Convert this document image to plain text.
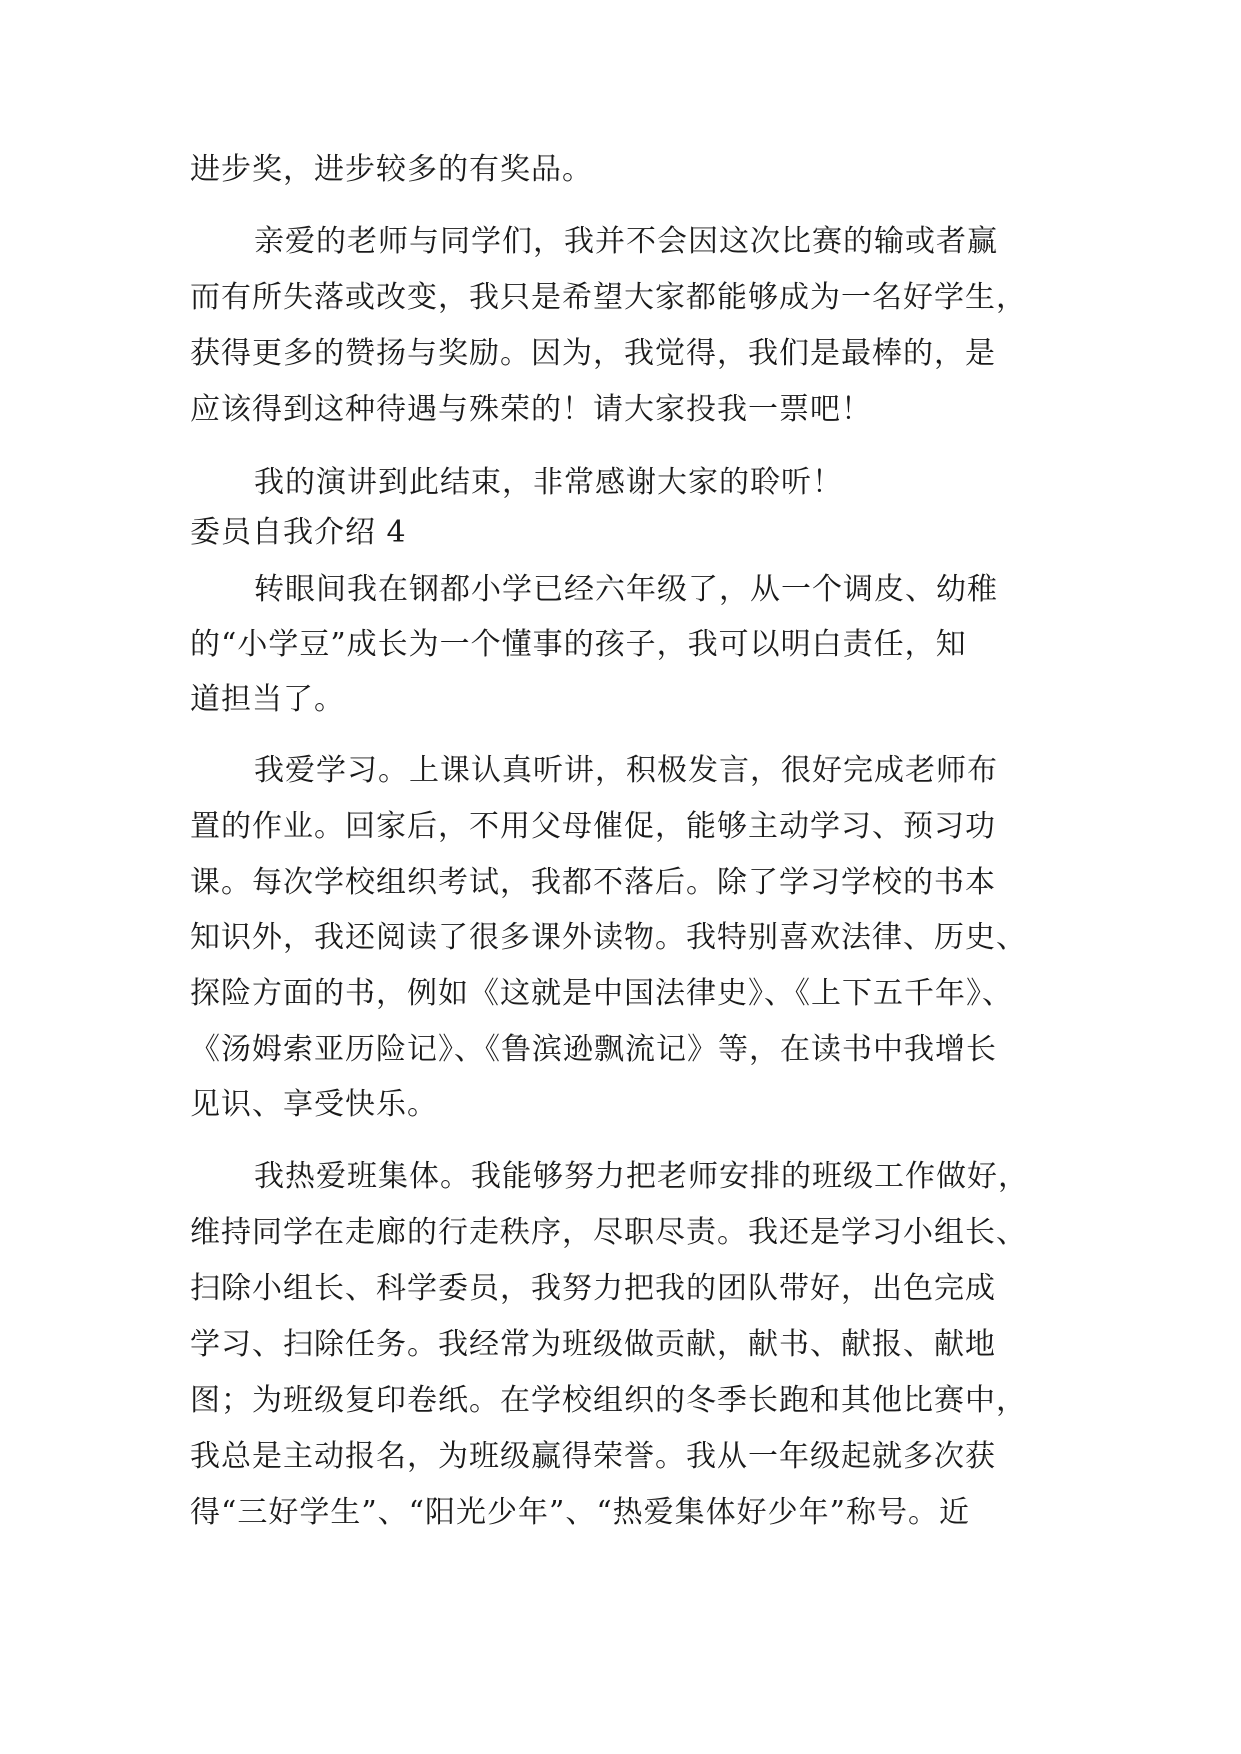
进步奖，进步较多的有奖品。
亲爱的老师与同学们，我并不会因这次比赛的输或者赢
而有所失落或改变，我只是希望大家都能够成为一名好学生，
获得更多的赞扬与奖励。因为，我觉得，我们是最棒的，是
应该得到这种待遇与殊荣的！请大家投我一票吧！
我的演讲到此结束，非常感谢大家的聆听！
委员自我介绍 4
转眼间我在钢都小学已经六年级了，从一个调皮、幼稚
的“小学豆”成长为一个懂事的孩子，我可以明白责任，知
道担当了。
我爱学习。上课认真听讲，积极发言，很好完成老师布
置的作业。回家后，不用父母催促，能够主动学习、预习功
课。每次学校组织考试，我都不落后。除了学习学校的书本
知识外，我还阅读了很多课外读物。我特别喜欢法律、历史、
探险方面的书，例如《这就是中国法律史》、《上下五千年》、
《汤姆索亚历险记》、《鲁滨逊飘流记》等，在读书中我增长
见识、享受快乐。
我热爱班集体。我能够努力把老师安排的班级工作做好，
维持同学在走廊的行走秩序，尽职尽责。我还是学习小组长、
扫除小组长、科学委员，我努力把我的团队带好，出色完成
学习、扫除任务。我经常为班级做贡献，献书、献报、献地
图；为班级复印卷纸。在学校组织的冬季长跑和其他比赛中，
我总是主动报名，为班级赢得荣誉。我从一年级起就多次获
得“三好学生”、“阳光少年”、“热爱集体好少年”称号。近
